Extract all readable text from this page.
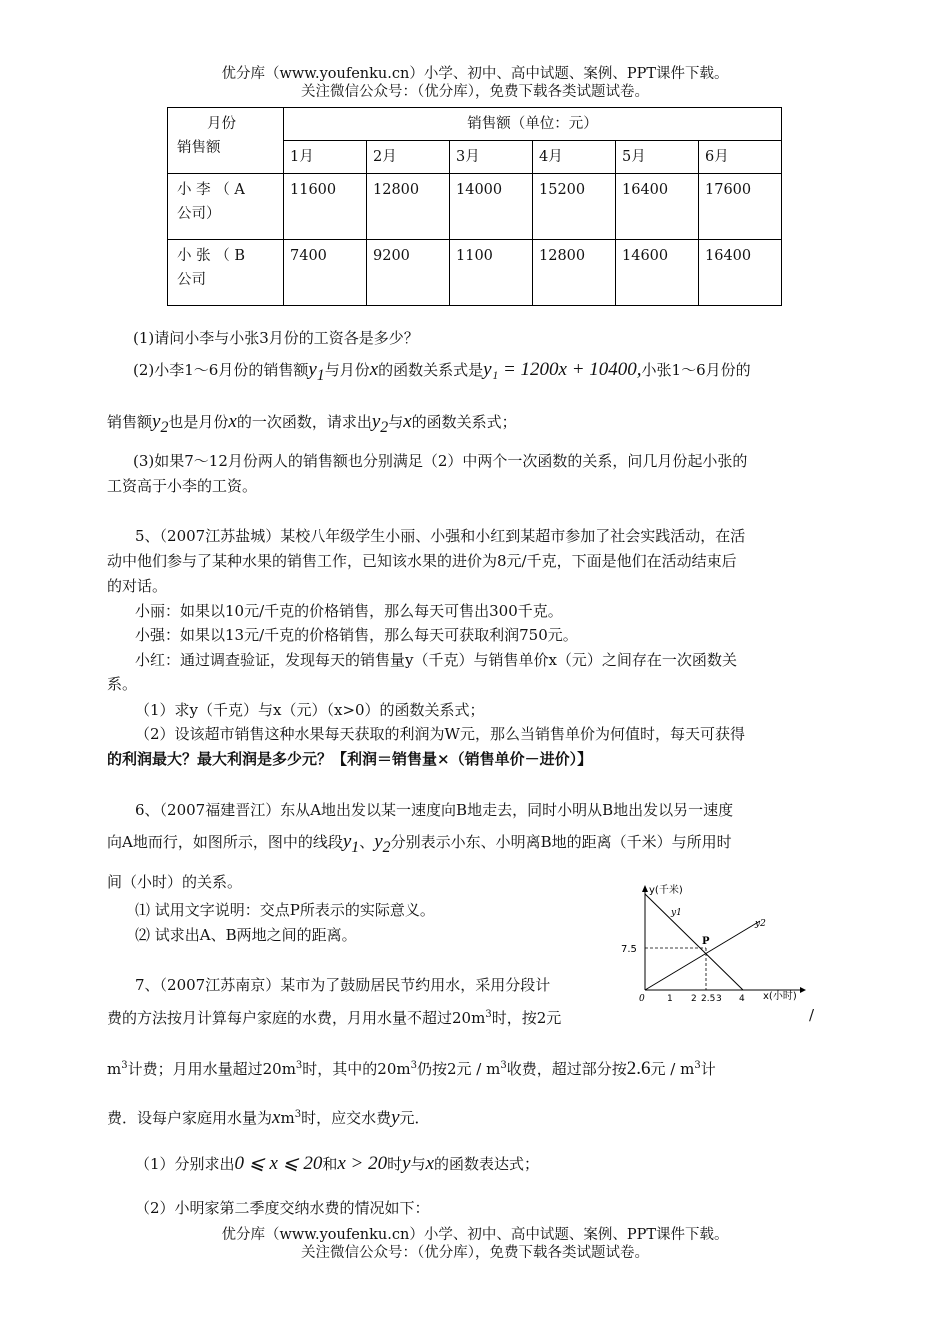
优分库（www.youfenku.cn）小学、初中、高中试题、案例、PPT课件下载。
关注微信公众号：（优分库），免费下载各类试题试卷。
月份
销售额	销售额（单位：元）					
	1月	2月	3月	4月	5月	6月

小 李 （ A
公司）	11600	12800	14000	15200	16400	17600

小 张 （ B
公司	7400	9200	1100	12800	14600	16400
(1)请问小李与小张3月份的工资各是多少？
(2)小李1～6月份的销售额$y_1$与月份x的函数关系式是y₁ = 1200x + 10400,小张1～6月份的
销售额$y_2$也是月份x的一次函数，请求出$y_2$与x的函数关系式；
(3)如果7～12月份两人的销售额也分别满足（2）中两个一次函数的关系，问几月份起小张的
工资高于小李的工资。
5、（2007江苏盐城）某校八年级学生小丽、小强和小红到某超市参加了社会实践活动，在活
动中他们参与了某种水果的销售工作，已知该水果的进价为8元/千克，下面是他们在活动结束后
的对话。
小丽：如果以10元/千克的价格销售，那么每天可售出300千克。
小强：如果以13元/千克的价格销售，那么每天可获取利润750元。
小红：通过调查验证，发现每天的销售量y（千克）与销售单价x（元）之间存在一次函数关
系。
（1）求y（千克）与x（元）（x>0）的函数关系式；
（2）设该超市销售这种水果每天获取的利润为W元，那么当销售单价为何值时，每天可获得
的利润最大？最大利润是多少元？【利润＝销售量×（销售单价－进价）】
6、（2007福建晋江）东从A地出发以某一速度向B地走去，同时小明从B地出发以另一速度
向A地而行，如图所示，图中的线段$y_1$、$y_2$分别表示小东、小明离B地的距离（千米）与所用时
间（小时）的关系。
⑴ 试用文字说明：交点P所表示的实际意义。
⑵ 试求出A、B两地之间的距离。
y(千米)
x(小时)
y1
y2
P
7.5
0 1 2 2.5 3 4
7、（2007江苏南京）某市为了鼓励居民节约用水，采用分段计
费的方法按月计算每户家庭的水费，月用水量不超过$20m^3$时，按2元	/
$m^3$计费；月用水量超过$20m^3$时，其中的$20m^3$仍按2元 / $m^3$收费，超过部分按2.6元 / $m^3$计
费．设每户家庭用水量为$xm^3$时，应交水费y元．
（1）分别求出0 ⩽ x ⩽ 20和x > 20时y与x的函数表达式；
（2）小明家第二季度交纳水费的情况如下：
优分库（www.youfenku.cn）小学、初中、高中试题、案例、PPT课件下载。
关注微信公众号：（优分库），免费下载各类试题试卷。
